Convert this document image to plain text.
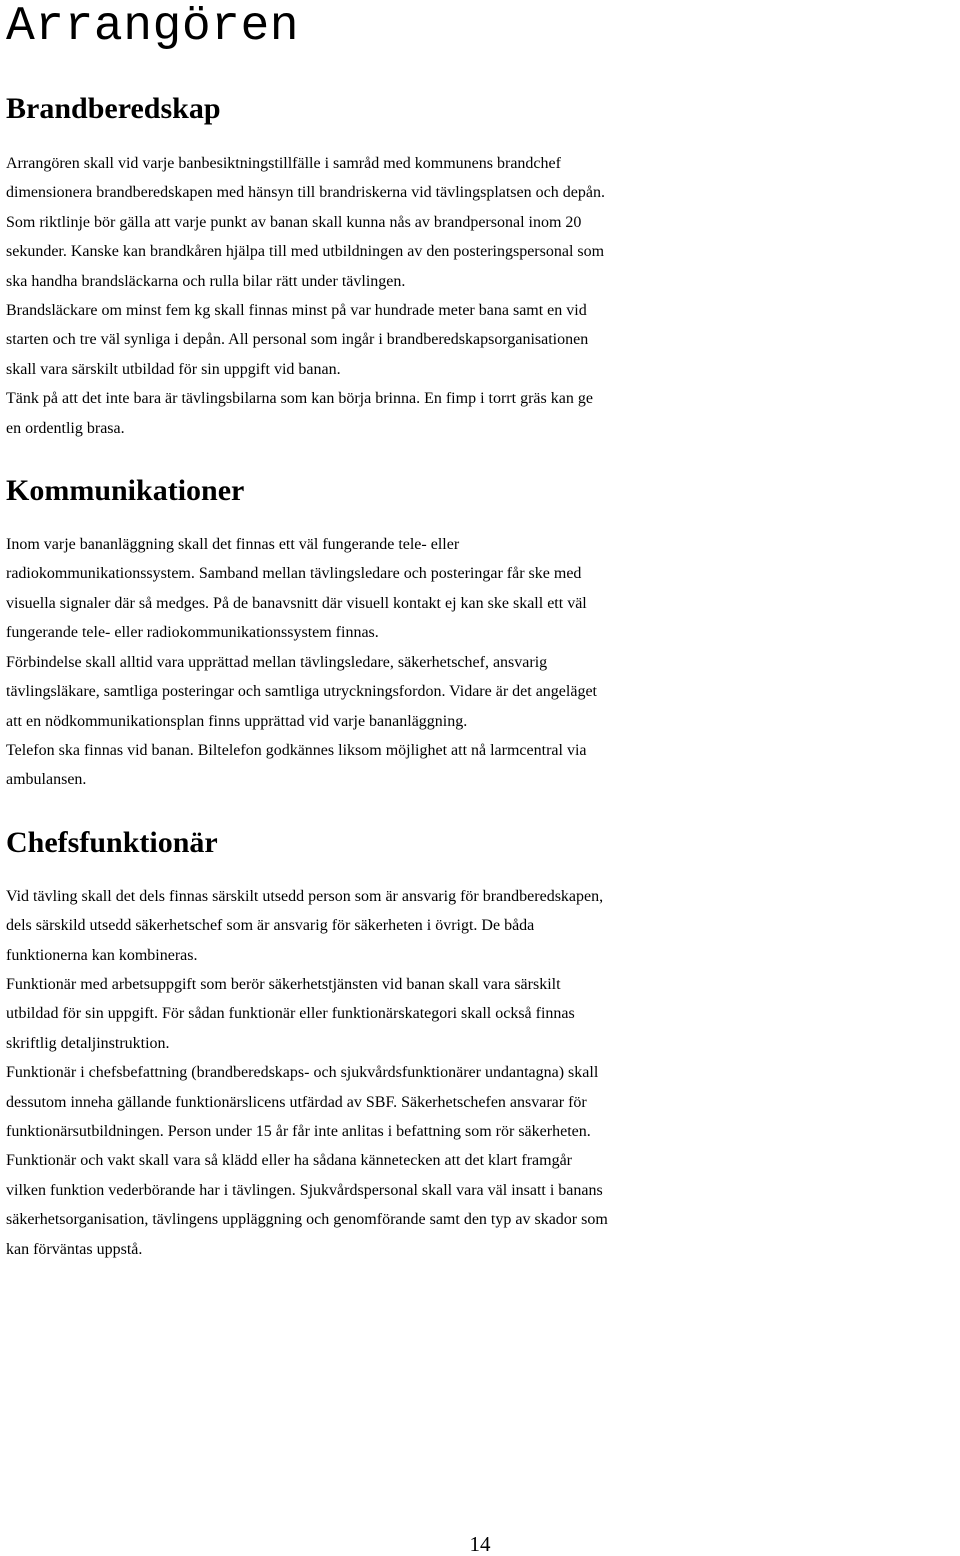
Arrangören
Brandberedskap

Arrangören skall vid varje banbesiktningstillfälle i samråd med kommunens brandchef
dimensionera brandberedskapen med hänsyn till brandriskerna vid tävlingsplatsen och depån.
Som riktlinje bör gälla att varje punkt av banan skall kunna nås av brandpersonal inom 20
sekunder. Kanske kan brandkåren hjälpa till med utbildningen av den posteringspersonal som
ska handha brandsläckarna och rulla bilar rätt under tävlingen.
Brandsläckare om minst fem kg skall finnas minst på var hundrade meter bana samt en vid
starten och tre väl synliga i depån. All personal som ingår i brandberedskapsorganisationen
skall vara särskilt utbildad för sin uppgift vid banan.
Tänk på att det inte bara är tävlingsbilarna som kan börja brinna. En fimp i torrt gräs kan ge
en ordentlig brasa.

Kommunikationer

Inom varje bananläggning skall det finnas ett väl fungerande tele- eller
radiokommunikationssystem. Samband mellan tävlingsledare och posteringar får ske med
visuella signaler där så medges. På de banavsnitt där visuell kontakt ej kan ske skall ett väl
fungerande tele- eller radiokommunikationssystem finnas.
Förbindelse skall alltid vara upprättad mellan tävlingsledare, säkerhetschef, ansvarig
tävlingsläkare, samtliga posteringar och samtliga utryckningsfordon. Vidare är det angeläget
att en nödkommunikationsplan finns upprättad vid varje bananläggning.
Telefon ska finnas vid banan. Biltelefon godkännes liksom möjlighet att nå larmcentral via
ambulansen.

Chefsfunktionär

Vid tävling skall det dels finnas särskilt utsedd person som är ansvarig för brandberedskapen,
dels särskild utsedd säkerhetschef som är ansvarig för säkerheten i övrigt. De båda
funktionerna kan kombineras.
Funktionär med arbetsuppgift som berör säkerhetstjänsten vid banan skall vara särskilt
utbildad för sin uppgift. För sådan funktionär eller funktionärskategori skall också finnas
skriftlig detaljinstruktion.
Funktionär i chefsbefattning (brandberedskaps- och sjukvårdsfunktionärer undantagna) skall
dessutom inneha gällande funktionärslicens utfärdad av SBF. Säkerhetschefen ansvarar för
funktionärsutbildningen. Person under 15 år får inte anlitas i befattning som rör säkerheten.
Funktionär och vakt skall vara så klädd eller ha sådana kännetecken att det klart framgår
vilken funktion vederbörande har i tävlingen. Sjukvårdspersonal skall vara väl insatt i banans
säkerhetsorganisation, tävlingens uppläggning och genomförande samt den typ av skador som
kan förväntas uppstå.

14
